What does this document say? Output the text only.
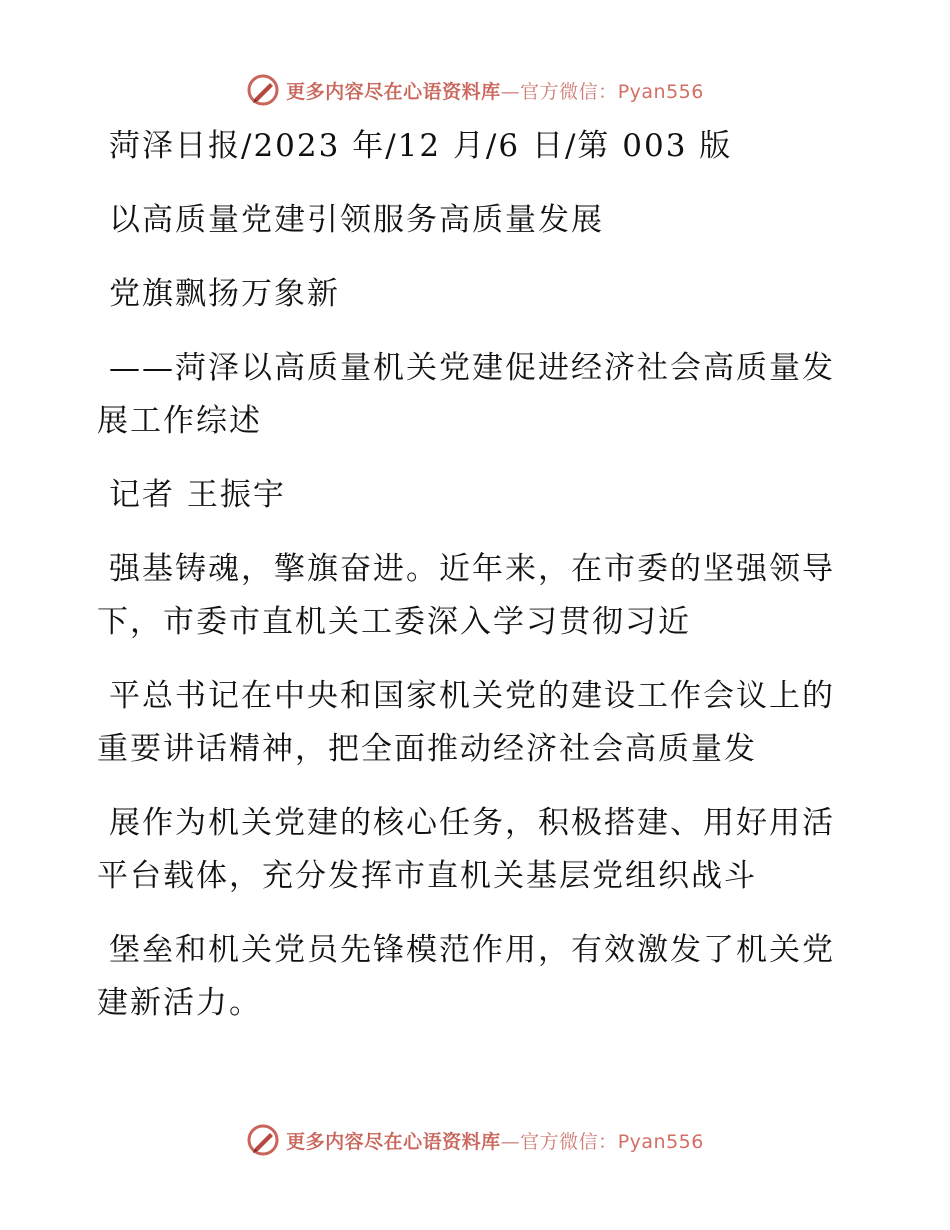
更多内容尽在心语资料库—官方微信：Pyan556

菏泽日报/2023 年/12 月/6 日/第 003 版

以高质量党建引领服务高质量发展

党旗飘扬万象新

——菏泽以高质量机关党建促进经济社会高质量发展工作综述

记者 王振宇

强基铸魂，擎旗奋进。近年来，在市委的坚强领导下，市委市直机关工委深入学习贯彻习近

平总书记在中央和国家机关党的建设工作会议上的重要讲话精神，把全面推动经济社会高质量发

展作为机关党建的核心任务，积极搭建、用好用活平台载体，充分发挥市直机关基层党组织战斗

堡垒和机关党员先锋模范作用，有效激发了机关党建新活力。

更多内容尽在心语资料库—官方微信：Pyan556
